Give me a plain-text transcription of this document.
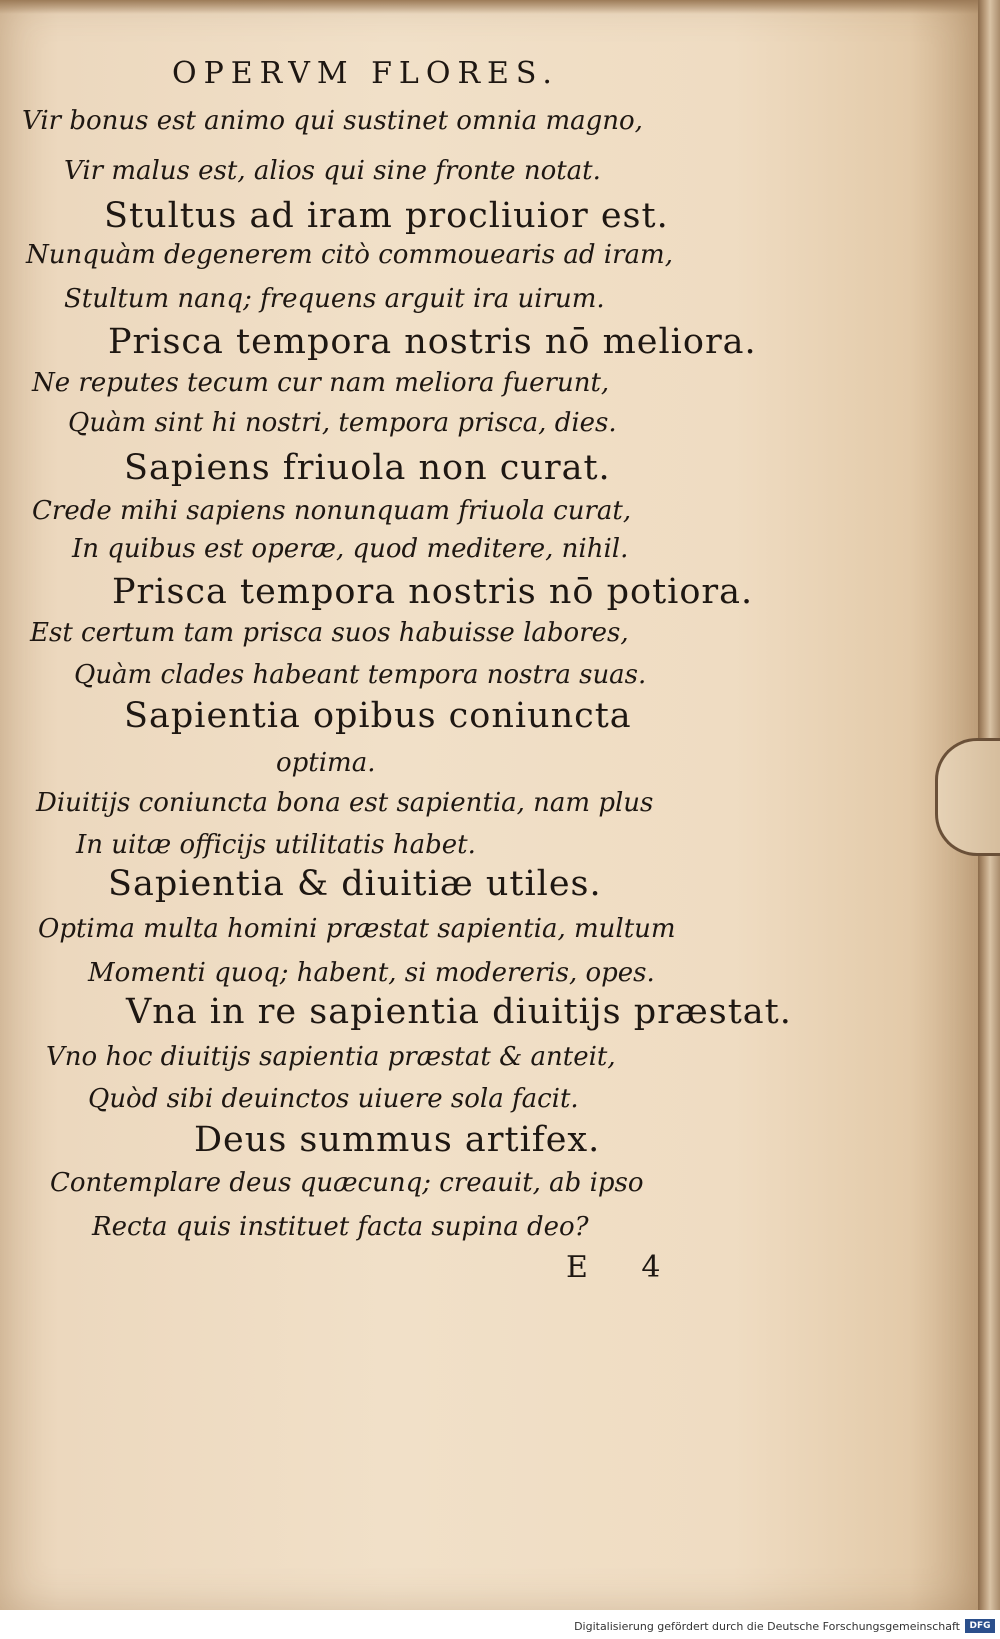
OPERVM FLORES.
Vir bonus est animo qui sustinet omnia magno,
Vir malus est, alios qui sine fronte notat.
Stultus ad iram procliuior est.
Nunquàm degenerem citò commouearis ad iram,
Stultum nanq; frequens arguit ira uirum.
Prisca tempora nostris nō meliora.
Ne reputes tecum cur nam meliora fuerunt,
Quàm sint hi nostri, tempora prisca, dies.
Sapiens friuola non curat.
Crede mihi sapiens nonunquam friuola curat,
In quibus est operæ, quod meditere, nihil.
Prisca tempora nostris nō potiora.
Est certum tam prisca suos habuisse labores,
Quàm clades habeant tempora nostra suas.
Sapientia opibus coniuncta
optima.
Diuitijs coniuncta bona est sapientia, nam plus
In uitæ officijs utilitatis habet.
Sapientia & diuitiæ utiles.
Optima multa homini præstat sapientia, multum
Momenti quoq; habent, si modereris, opes.
Vna in re sapientia diuitijs præstat.
Vno hoc diuitijs sapientia præstat & anteit,
Quòd sibi deuinctos uiuere sola facit.
Deus summus artifex.
Contemplare deus quæcunq; creauit, ab ipso
Recta quis instituet facta supina deo?
E 4
Digitalisierung gefördert durch die Deutsche Forschungsgemeinschaft	DFG
